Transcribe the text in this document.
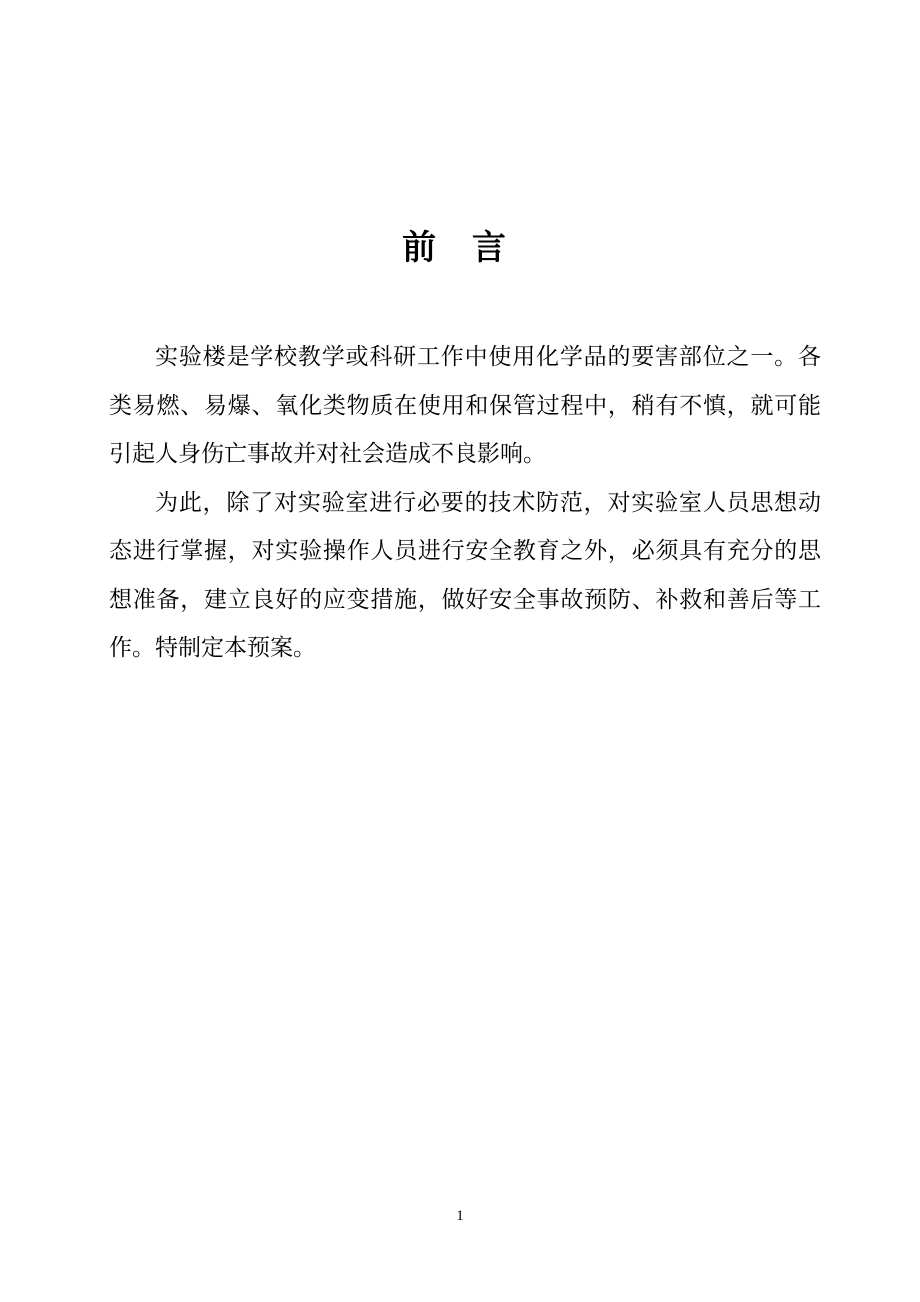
前 言

实验楼是学校教学或科研工作中使用化学品的要害部位之一。各类易燃、易爆、氧化类物质在使用和保管过程中，稍有不慎，就可能引起人身伤亡事故并对社会造成不良影响。

为此，除了对实验室进行必要的技术防范，对实验室人员思想动态进行掌握，对实验操作人员进行安全教育之外，必须具有充分的思想准备，建立良好的应变措施，做好安全事故预防、补救和善后等工作。特制定本预案。

1
